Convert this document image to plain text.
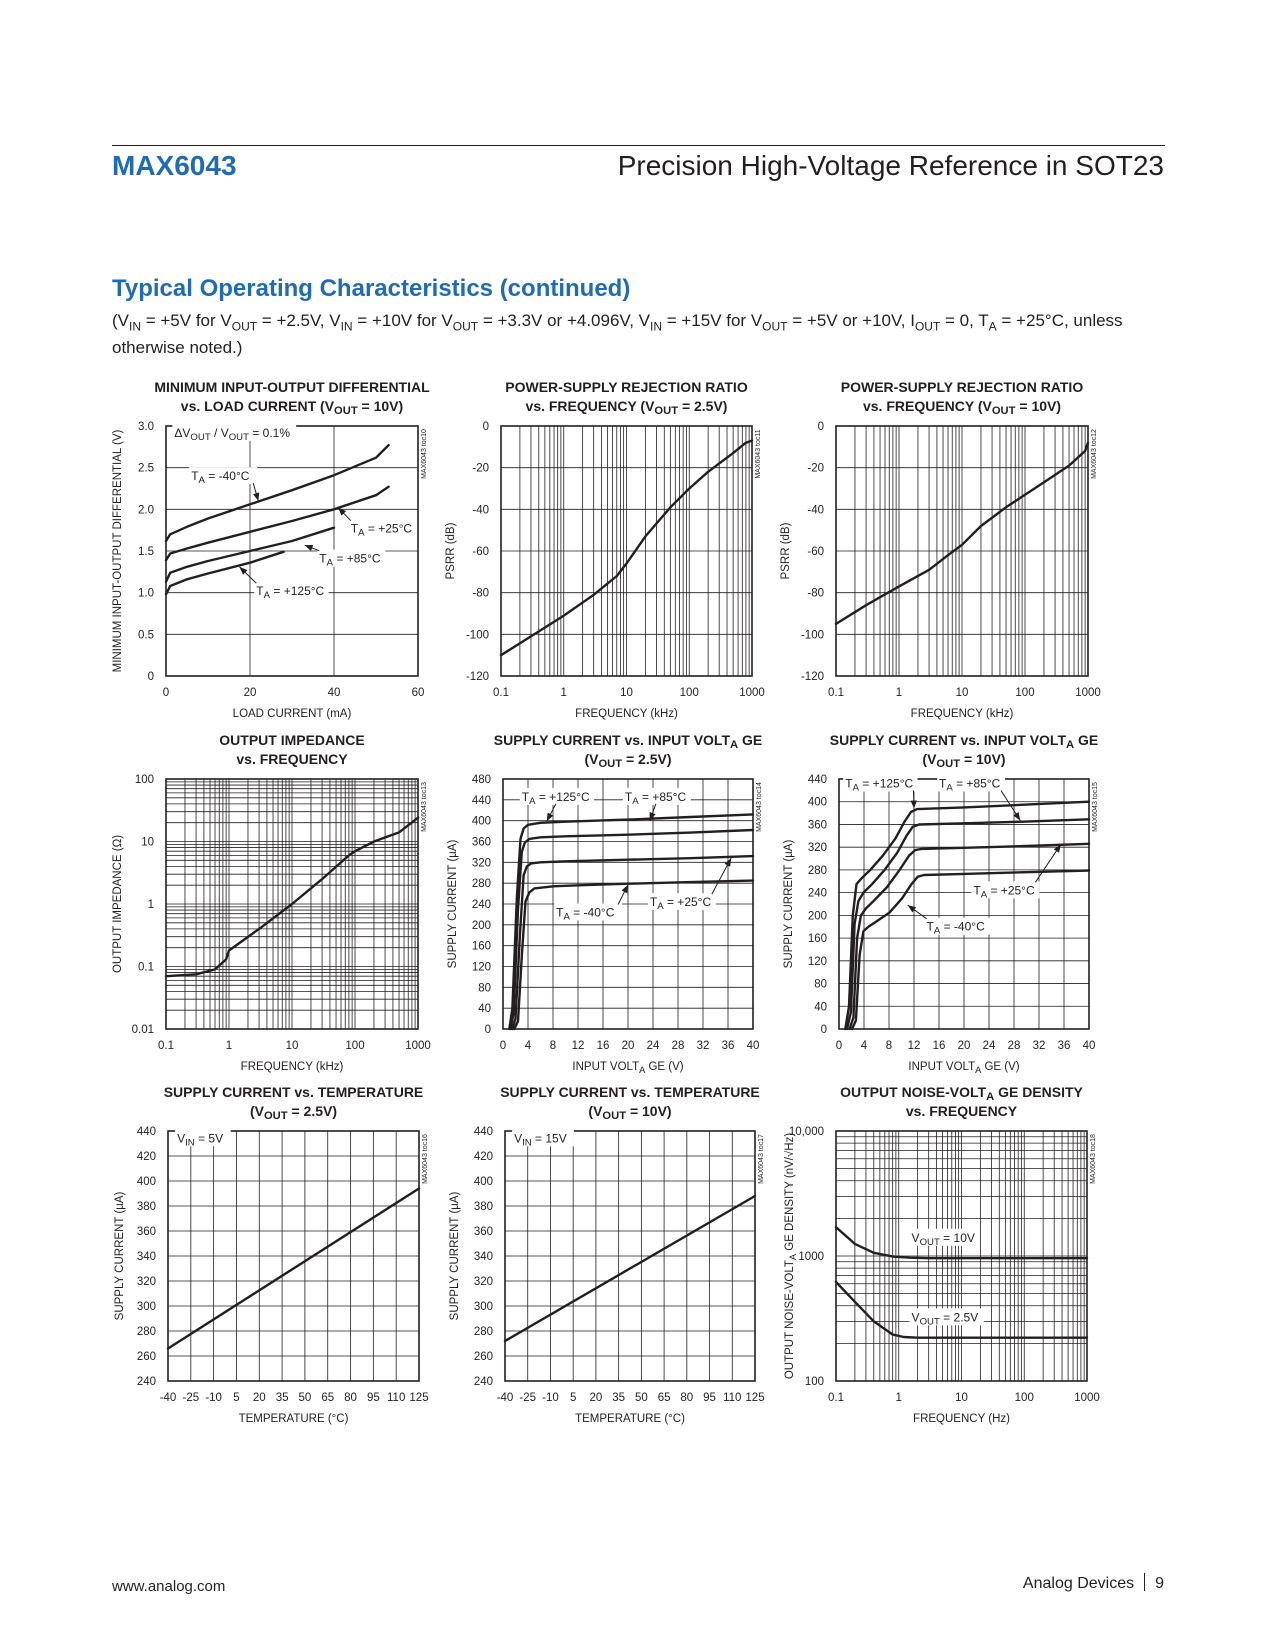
MAX6043	Precision High-Voltage Reference in SOT23
Typical Operating Characteristics (continued)
($V_{IN} = +5V$ for $V_{OUT} = +2.5V$, $V_{IN} = +10V$ for $V_{OUT} = +3.3V$ or +4.096V, $V_{IN} = +15V$ for $V_{OUT} = +5V$ or +10V, $I_{OUT} = 0$, $T_A = +25^\circ C$, unless otherwise noted.)
MINIMUM INPUT-OUTPUT DIFFERENTIAL
vs. LOAD CURRENT $(V_{OUT} = 10V)$
0	20	40	60
0
0.5
1.0
1.5
2.0
2.5
3.0
LOAD CURRENT (mA)
MINIMUM INPUT-OUTPUT DIFFERENTIAL (V)	MAX6043 toc10
$\Delta V_{OUT} / V_{OUT} = 0.1\%$
$T_A = -40^\circ C$
$T_A = +25^\circ C$
$T_A = +85^\circ C$
$T_A = +125^\circ C$
POWER-SUPPLY REJECTION RATIO
vs. FREQUENCY $(V_{OUT} = 2.5V)$
0.1	1	10	100	1000
-120
-100
-80
-60
-40
-20
0
FREQUENCY (kHz)
PSRR (dB)
MAX6043 toc11
POWER-SUPPLY REJECTION RATIO
vs. FREQUENCY $(V_{OUT} = 10V)$
0.1	1	10	100	1000
-120
-100
-80
-60
-40
-20
0
FREQUENCY (kHz)
PSRR (dB)
MAX6043 toc12
OUTPUT IMPEDANCE
vs. FREQUENCY
0.1	1	10	100	1000
0.01
0.1
1
10
100
FREQUENCY (kHz)
OUTPUT IMPEDANCE (Ω)
MAX6043 toc13
SUPPLY CURRENT vs. INPUT $VOLT_A$ GE
$(V_{OUT} = 2.5V)$
0 4 8 12 16 20 24 28 32 36 40
0
40
80
120
160
200
240
280
320
360
400
440
480
INPUT $VOLT_A$ GE (V)
SUPPLY CURRENT (µA)
MAX6043 toc14
$T_A = +125^\circ C$	$T_A = +85^\circ C$
$T_A = -40^\circ C$
$T_A = +25^\circ C$
SUPPLY CURRENT vs. INPUT $VOLT_A$ GE
$(V_{OUT} = 10V)$
0 4 8 12 16 20 24 28 32 36 40
0
40
80
120
160
200
240
280
320
360
400
440
INPUT $VOLT_A$ GE (V)
SUPPLY CURRENT (µA)
MAX6043 toc15
$T_A = +125^\circ C$ $T_A = +85^\circ C$
$T_A = +25^\circ C$
$T_A = -40^\circ C$
SUPPLY CURRENT vs. TEMPERATURE
$(V_{OUT} = 2.5V)$
-40 -25 -10 5 20 35 50 65 80 95 110 125
240
260
280
300
320
340
360
380
400
420
440
TEMPERATURE (°C)
SUPPLY CURRENT (µA)
MAX6043 toc16
$V_{IN} = 5V$
SUPPLY CURRENT vs. TEMPERATURE
$(V_{OUT} = 10V)$
-40 -25 -10 5 20 35 50 65 80 95 110 125
240
260
280
300
320
340
360
380
400
420
440
TEMPERATURE (°C)
SUPPLY CURRENT (µA)
MAX6043 toc17
$V_{IN} = 15V$
OUTPUT NOISE-$VOLT_A$ GE DENSITY
vs. FREQUENCY
0.1	1	10	100	1000
100
1000
10,000
FREQUENCY (Hz)
OUTPUT NOISE-$VOLT_A$ GE DENSITY (nV/√Hz)	MAX6043 toc18
$V_{OUT} = 10V$
$V_{OUT} = 2.5V$
www.analog.com	Analog Devices 9
